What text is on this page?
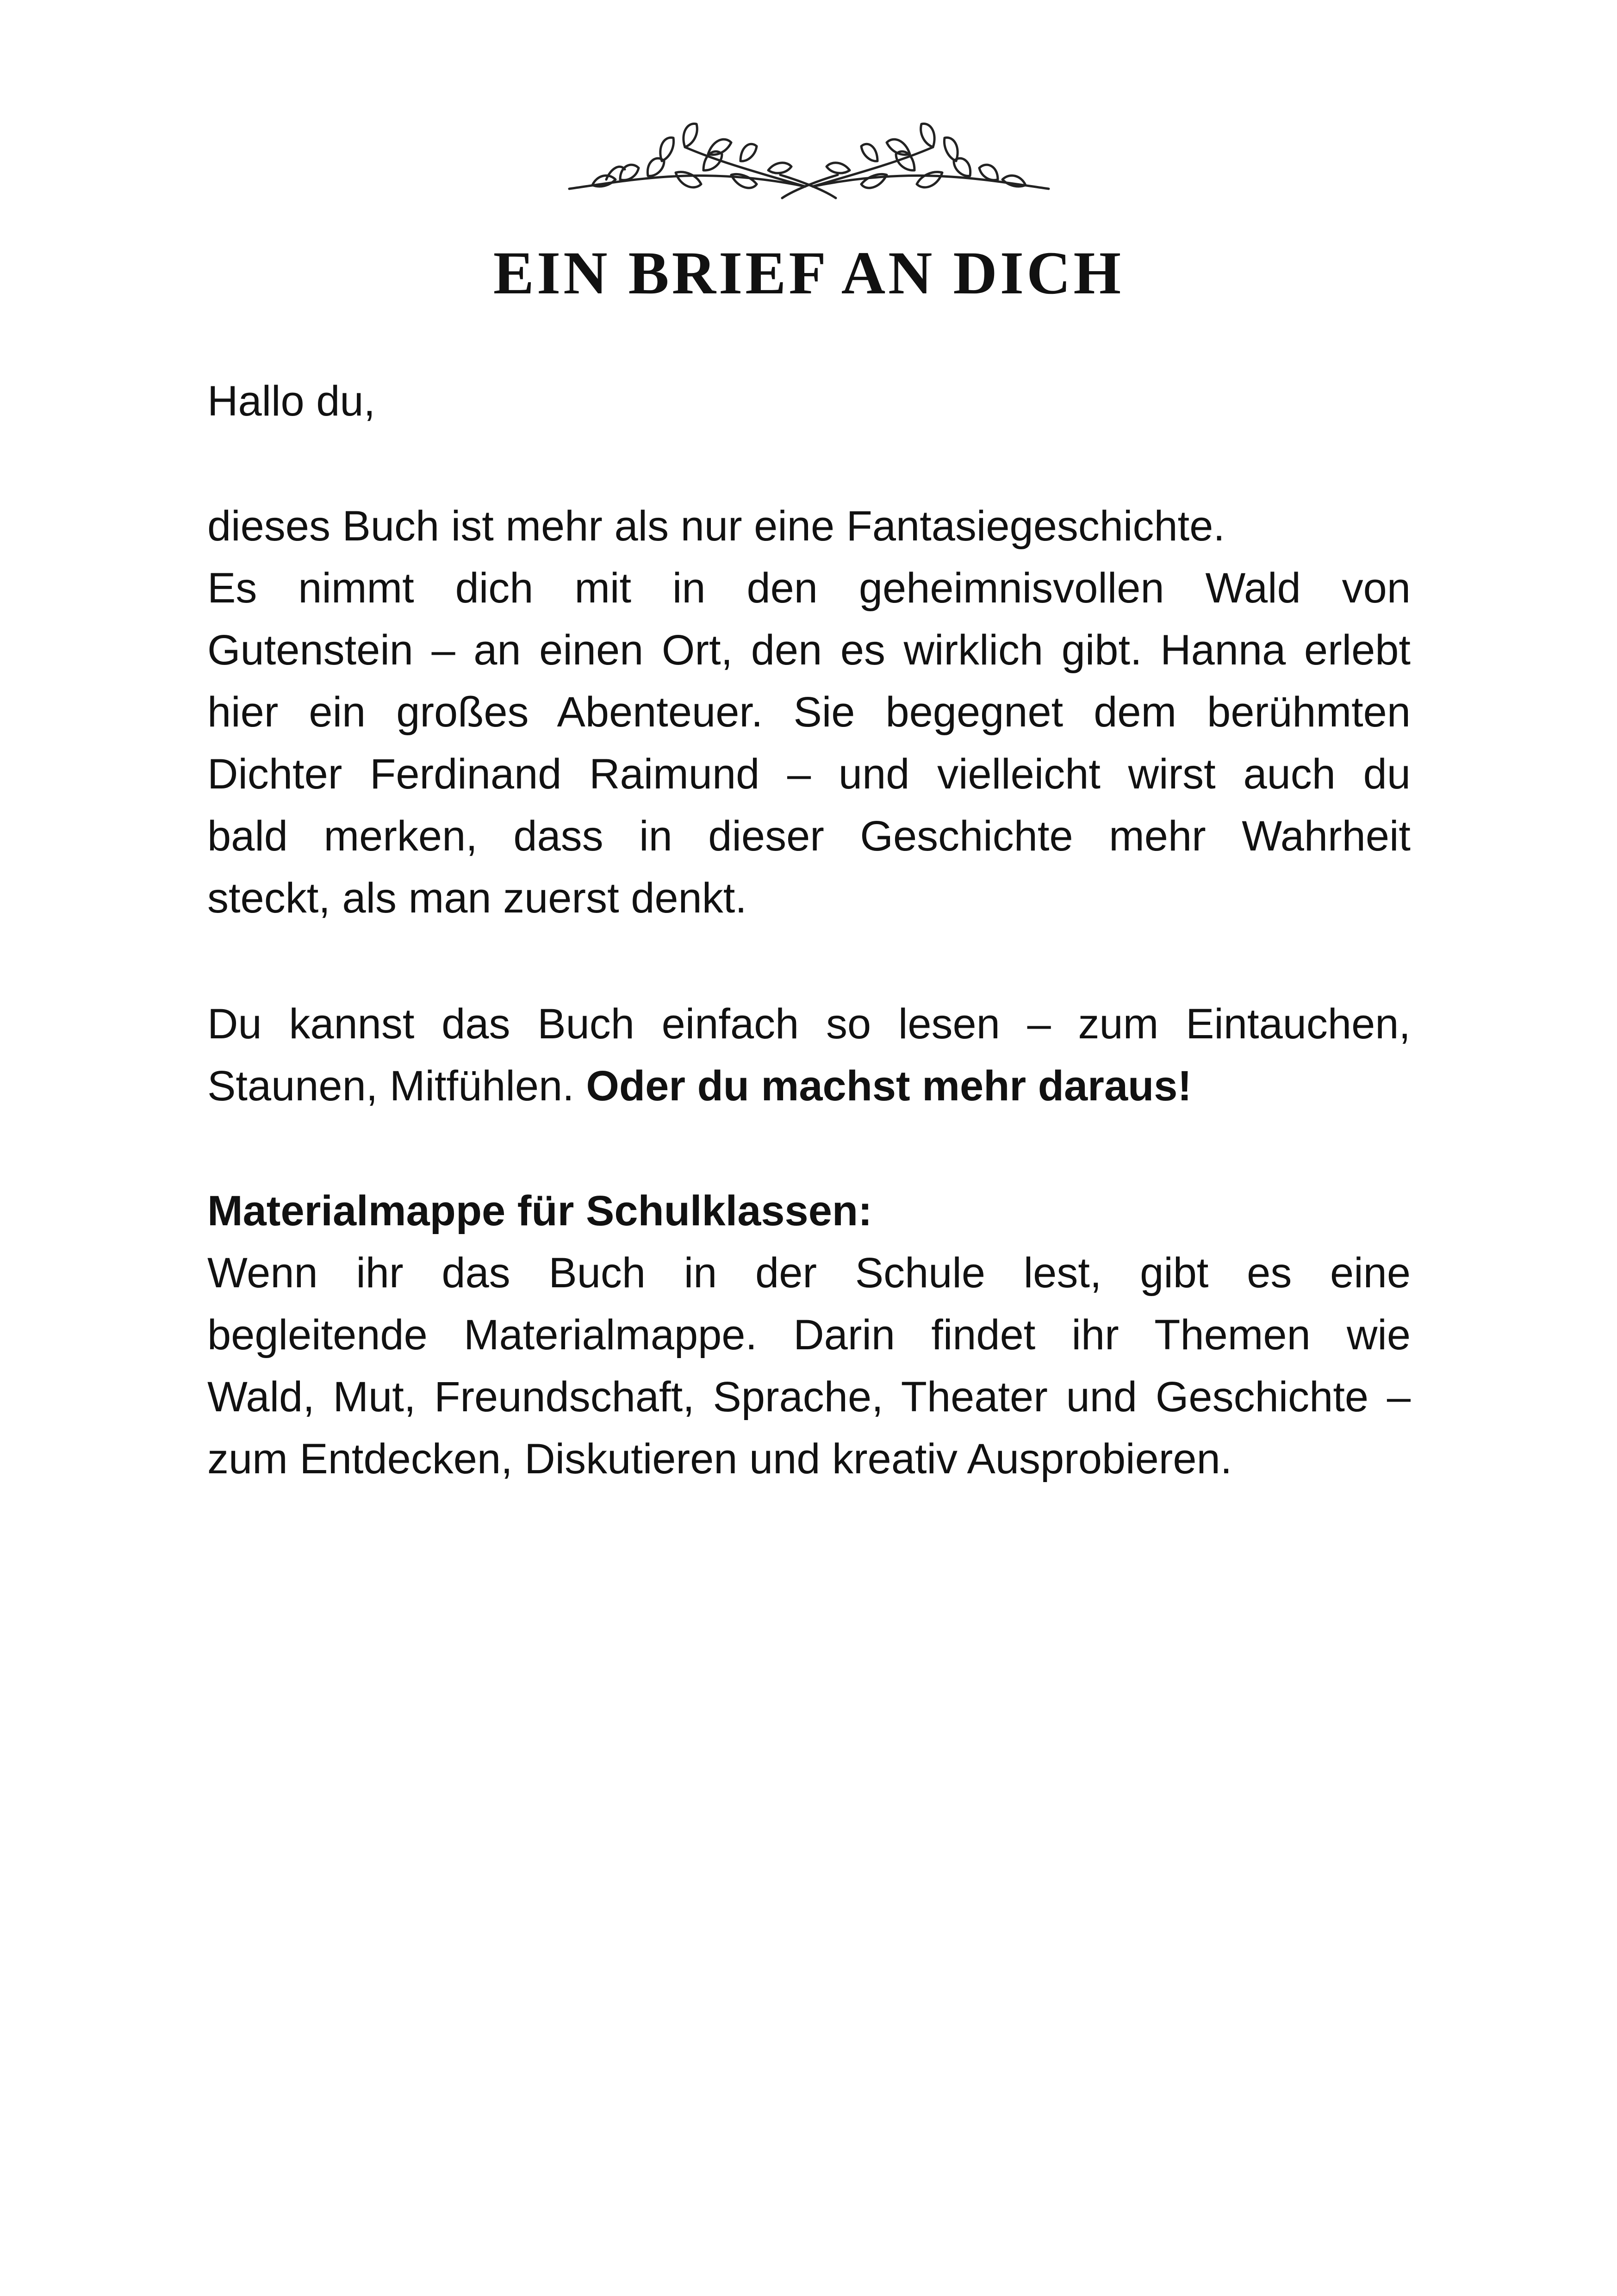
EIN BRIEF AN DICH
Hallo du,
dieses Buch ist mehr als nur eine Fantasiegeschichte.
Es nimmt dich mit in den geheimnisvollen Wald von
Gutenstein – an einen Ort, den es wirklich gibt. Hanna erlebt
hier ein großes Abenteuer. Sie begegnet dem berühmten
Dichter Ferdinand Raimund – und vielleicht wirst auch du
bald merken, dass in dieser Geschichte mehr Wahrheit
steckt, als man zuerst denkt.
Du kannst das Buch einfach so lesen – zum Eintauchen,
Staunen, Mitfühlen. Oder du machst mehr daraus!
Materialmappe für Schulklassen:
Wenn ihr das Buch in der Schule lest, gibt es eine
begleitende Materialmappe. Darin findet ihr Themen wie
Wald, Mut, Freundschaft, Sprache, Theater und Geschichte –
zum Entdecken, Diskutieren und kreativ Ausprobieren.
